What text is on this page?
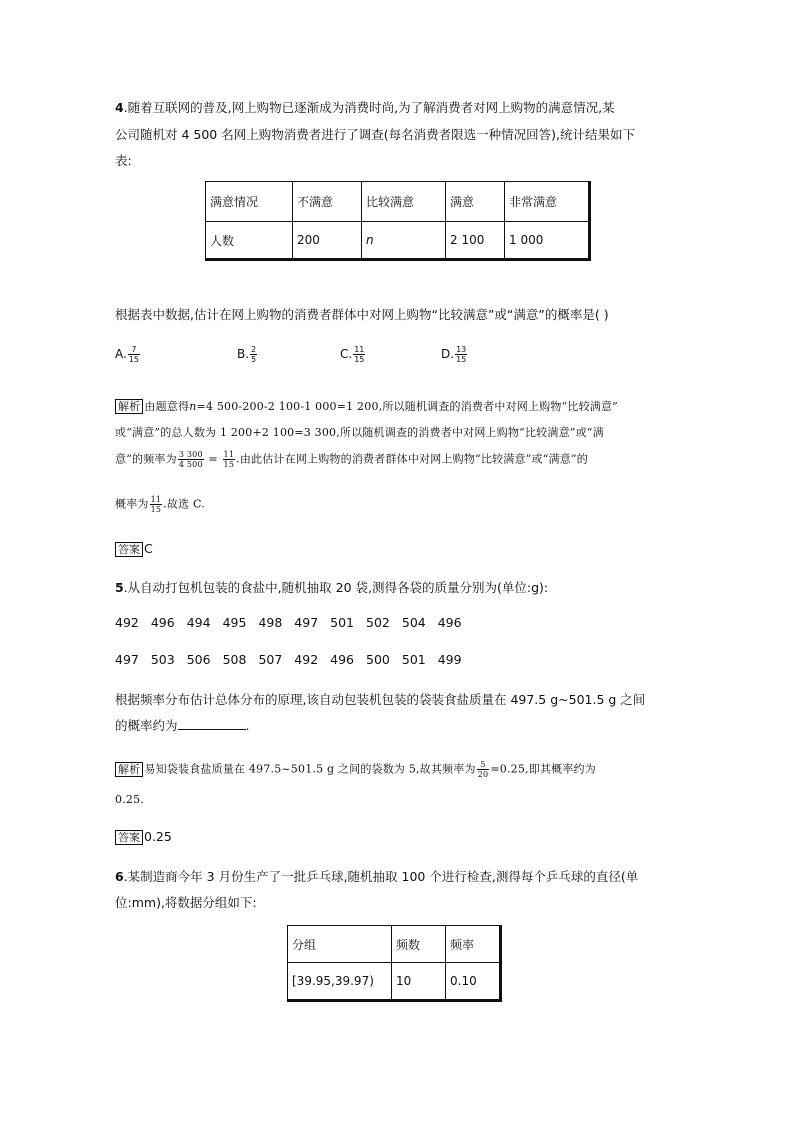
4.随着互联网的普及,网上购物已逐渐成为消费时尚,为了解消费者对网上购物的满意情况,某
公司随机对 4 500 名网上购物消费者进行了调查(每名消费者限选一种情况回答),统计结果如下
表:
满意情况	不满意	比较满意	满意	非常满意
人数	200	n	2 100	1 000
根据表中数据,估计在网上购物的消费者群体中对网上购物“比较满意”或“满意”的概率是( )
A. $\frac{7}{15}$	B. $\frac{2}{5}$	C. $\frac{11}{15}$	D. $\frac{13}{15}$
解析 由题意得n=4 500-200-2 100-1 000=1 200,所以随机调查的消费者中对网上购物“比较满意”
或“满意”的总人数为 1 200+2 100=3 300,所以随机调查的消费者中对网上购物“比较满意”或“满
意”的频率为 $\frac{3 300}{4 500} = \frac{11}{15}$ .由此估计在网上购物的消费者群体中对网上购物“比较满意”或“满意”的
概率为 $\frac{11}{15}$ .故选 C.
答案 C
5.从自动打包机包装的食盐中,随机抽取 20 袋,测得各袋的质量分别为(单位:g):
492 496 494 495 498 497 501 502 504 496
497 503 506 508 507 492 496 500 501 499
根据频率分布估计总体分布的原理,该自动包装机包装的袋装食盐质量在 497.5 g~501.5 g 之间
的概率约为	.
解析 易知袋装食盐质量在 497.5~501.5 g 之间的袋数为 5,故其频率为 $\frac{5}{20} =0.25$,即其概率约为
0.25.
答案 0.25
6.某制造商今年 3 月份生产了一批乒乓球,随机抽取 100 个进行检查,测得每个乒乓球的直径(单
位:mm),将数据分组如下:
分组	频数	频率
[39.95,39.97)	10	0.10
